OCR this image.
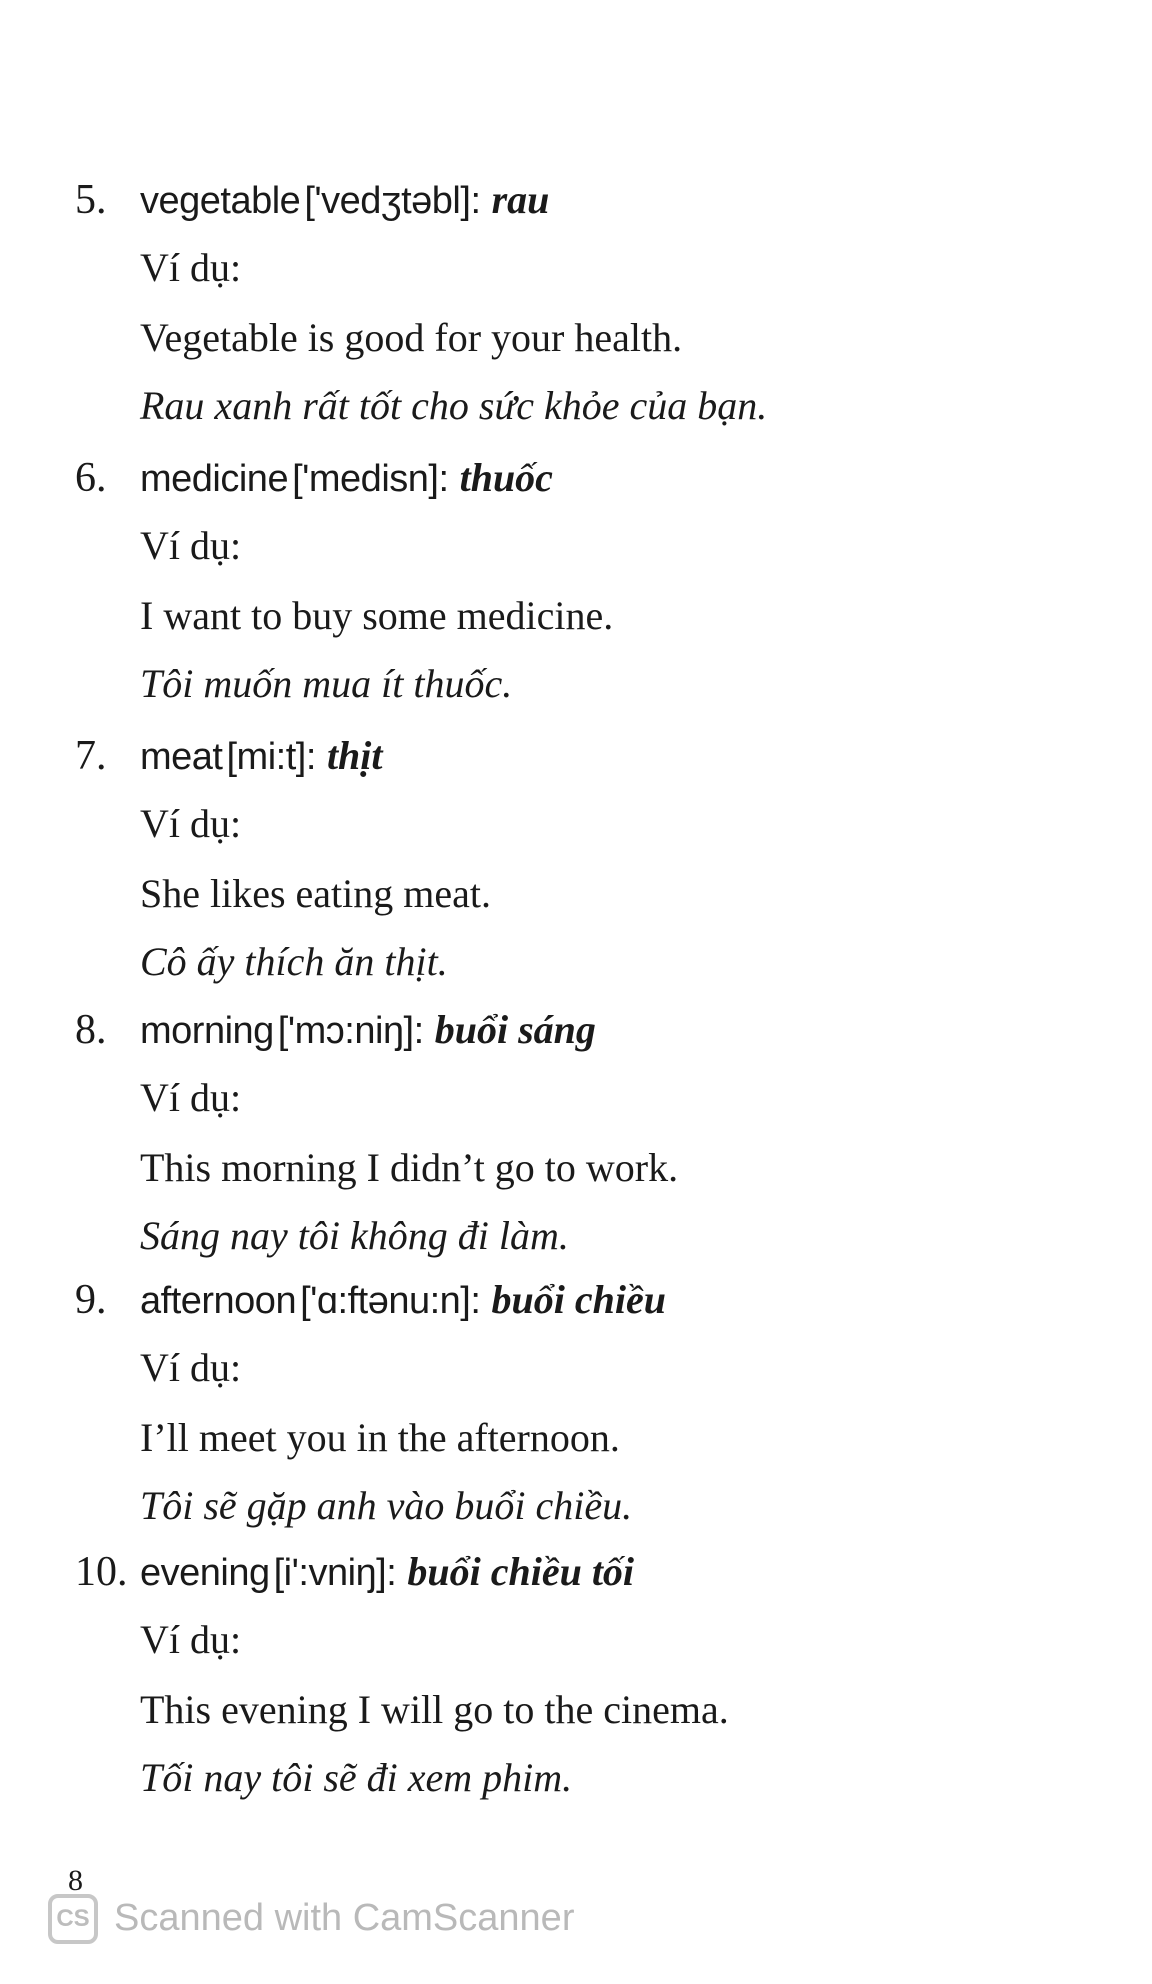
5. vegetable ['vedʒtəbl]: rau
Ví dụ:
Vegetable is good for your health.
Rau xanh rất tốt cho sức khỏe của bạn.
6. medicine ['medisn]: thuốc
Ví dụ:
I want to buy some medicine.
Tôi muốn mua ít thuốc.
7. meat [mi:t]: thịt
Ví dụ:
She likes eating meat.
Cô ấy thích ăn thịt.
8. morning ['mɔ:niŋ]: buổi sáng
Ví dụ:
This morning I didn’t go to work.
Sáng nay tôi không đi làm.
9. afternoon ['ɑ:ftənu:n]: buổi chiều
Ví dụ:
I’ll meet you in the afternoon.
Tôi sẽ gặp anh vào buổi chiều.
10. evening [i':vniŋ]: buổi chiều tối
Ví dụ:
This evening I will go to the cinema.
Tối nay tôi sẽ đi xem phim.
8
CS Scanned with CamScanner
